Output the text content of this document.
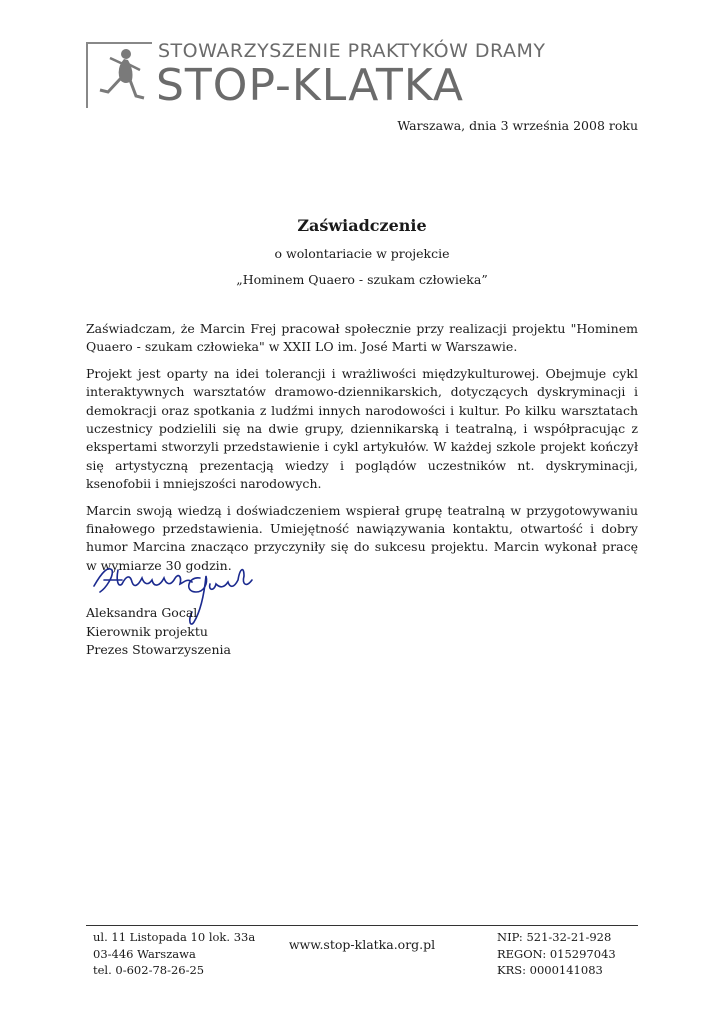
STOWARZYSZENIE PRAKTYKÓW DRAMY
STOP-KLATKA
Warszawa, dnia 3 września 2008 roku
Zaświadczenie
o wolontariacie w projekcie
„Hominem Quaero - szukam człowieka”

Zaświadczam, że Marcin Frej pracował społecznie przy realizacji projektu "Hominem Quaero - szukam człowieka" w XXII LO im. José Marti w Warszawie.

Projekt jest oparty na idei tolerancji i wrażliwości międzykulturowej. Obejmuje cykl interaktywnych warsztatów dramowo-dziennikarskich, dotyczących dyskryminacji i demokracji oraz spotkania z ludźmi innych narodowości i kultur. Po kilku warsztatach uczestnicy podzielili się na dwie grupy, dziennikarską i teatralną, i współpracując z ekspertami stworzyli przedstawienie i cykl artykułów. W każdej szkole projekt kończył się artystyczną prezentacją wiedzy i poglądów uczestników nt. dyskryminacji, ksenofobii i mniejszości narodowych.

Marcin swoją wiedzą i doświadczeniem wspierał grupę teatralną w przygotowywaniu finałowego przedstawienia. Umiejętność nawiązywania kontaktu, otwartość i dobry humor Marcina znacząco przyczyniły się do sukcesu projektu. Marcin wykonał pracę w wymiarze 30 godzin.

Aleksandra Gocal
Kierownik projektu
Prezes Stowarzyszenia
ul. 11 Listopada 10 lok. 33a
03-446 Warszawa
tel. 0-602-78-26-25
www.stop-klatka.org.pl	NIP: 521-32-21-928
REGON: 015297043
KRS: 0000141083
